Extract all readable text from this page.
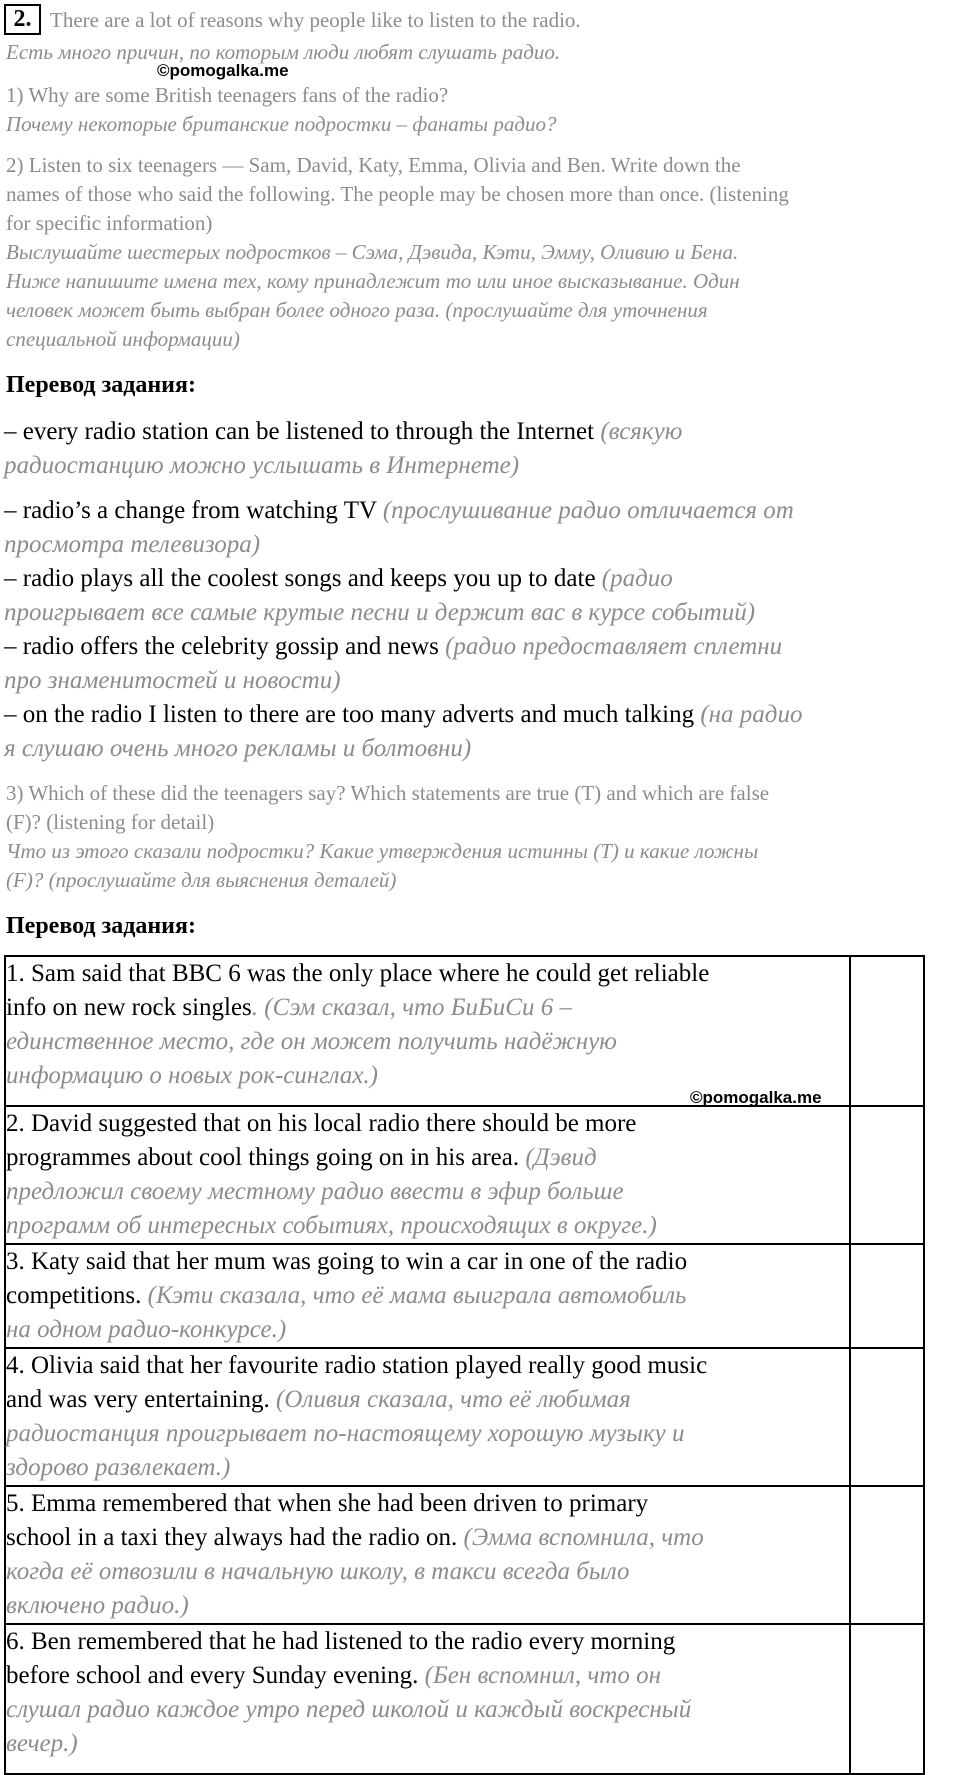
2. There are a lot of reasons why people like to listen to the radio.
Есть много причин, по которым люди любят слушать радио.
©pomogalka.me
1) Why are some British teenagers fans of the radio?
Почему некоторые британские подростки – фанаты радио?
2) Listen to six teenagers — Sam, David, Katy, Emma, Olivia and Ben. Write down the
names of those who said the following. The people may be chosen more than once. (listening
for specific information)
Выслушайте шестерых подростков – Сэма, Дэвида, Кэти, Эмму, Оливию и Бена.
Ниже напишите имена тех, кому принадлежит то или иное высказывание. Один
человек может быть выбран более одного раза. (прослушайте для уточнения
специальной информации)
Перевод задания:
– every radio station can be listened to through the Internet (всякую
радиостанцию можно услышать в Интернете)
– radio’s a change from watching TV (прослушивание радио отличается от
просмотра телевизора)
– radio plays all the coolest songs and keeps you up to date (радио
проигрывает все самые крутые песни и держит вас в курсе событий)
– radio offers the celebrity gossip and news (радио предоставляет сплетни
про знаменитостей и новости)
– on the radio I listen to there are too many adverts and much talking (на радио
я слушаю очень много рекламы и болтовни)
3) Which of these did the teenagers say? Which statements are true (T) and which are false
(F)? (listening for detail)
Что из этого сказали подростки? Какие утверждения истинны (T) и какие ложны
(F)? (прослушайте для выяснения деталей)
Перевод задания:
1. Sam said that BBC 6 was the only place where he could get reliable
info on new rock singles. (Сэм сказал, что БиБиСи 6 –
единственное место, где он может получить надёжную
информацию о новых рок-синглах.)	

2. David suggested that on his local radio there should be more
programmes about cool things going on in his area. (Дэвид
предложил своему местному радио ввести в эфир больше
программ об интересных событиях, происходящих в округе.)	

3. Katy said that her mum was going to win a car in one of the radio
competitions. (Кэти сказала, что её мама выиграла автомобиль
на одном радио-конкурсе.)	

4. Olivia said that her favourite radio station played really good music
and was very entertaining. (Оливия сказала, что её любимая
радиостанция проигрывает по-настоящему хорошую музыку и
здорово развлекает.)	

5. Emma remembered that when she had been driven to primary
school in a taxi they always had the radio on. (Эмма вспомнила, что
когда её отвозили в начальную школу, в такси всегда было
включено радио.)	

6. Ben remembered that he had listened to the radio every morning
before school and every Sunday evening. (Бен вспомнил, что он
слушал радио каждое утро перед школой и каждый воскресный
вечер.)	

©pomogalka.me
